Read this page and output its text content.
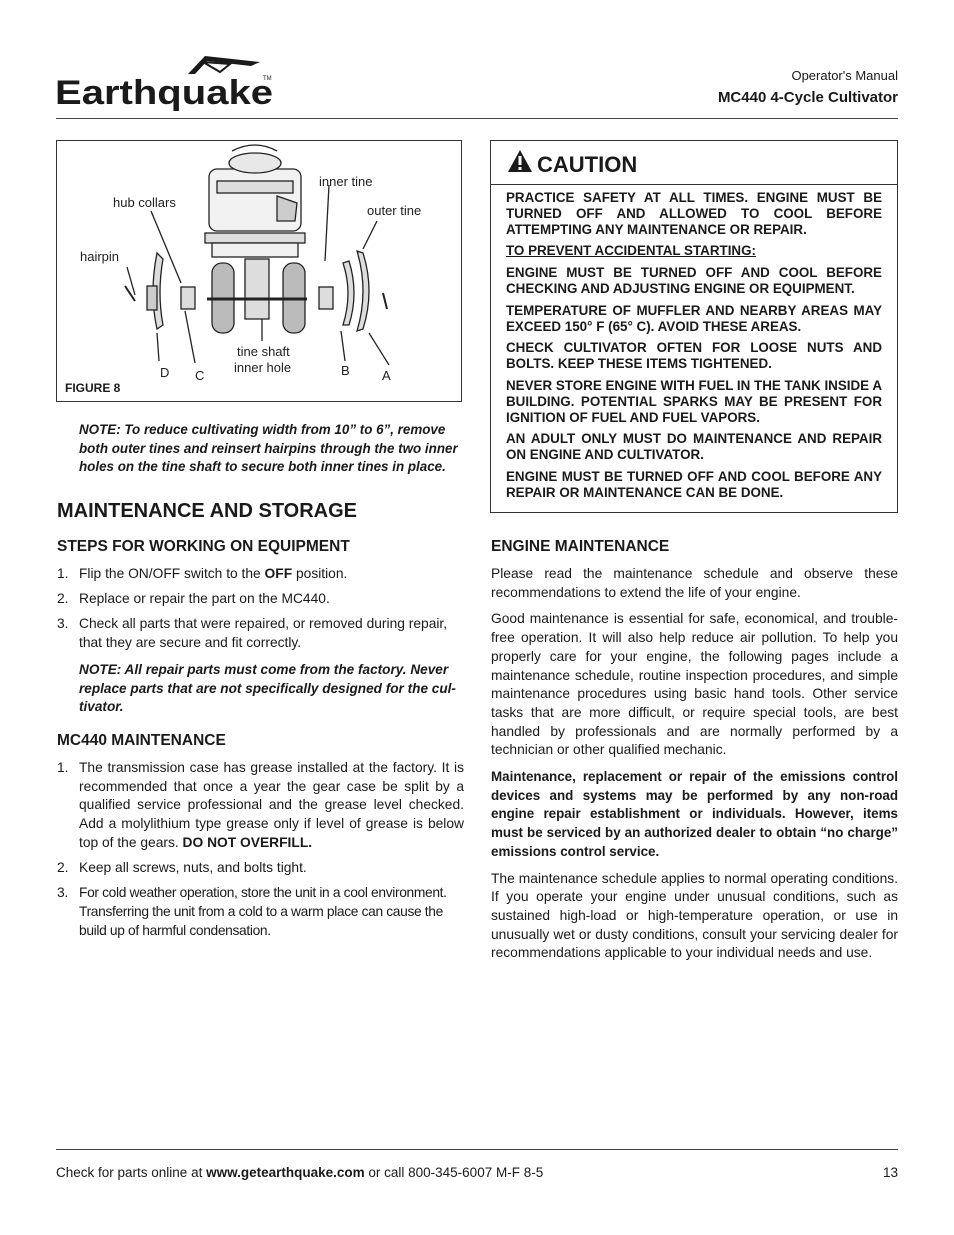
Earthquake
TM	Operator's Manual
MC440 4-Cycle Cultivator
inner tine
hub collars
outer tine
hairpin
tine shaft
inner hole
D C	B A
FIGURE 8
NOTE: To reduce cultivating width from 10” to 6”, remove both outer tines and reinsert hairpins through the two inner holes on the tine shaft to secure both inner tines in place.
MAINTENANCE AND STORAGE
STEPS FOR WORKING ON EQUIPMENT
1. Flip the ON/OFF switch to the OFF position.
2. Replace or repair the part on the MC440.
3. Check all parts that were repaired, or removed during repair, that they are secure and fit correctly.
NOTE: All repair parts must come from the factory. Never replace parts that are not specifically designed for the cul-tivator.
MC440 MAINTENANCE
1. The transmission case has grease installed at the factory. It is recommended that once a year the gear case be split by a qualified service professional and the grease level checked. Add a molylithium type grease only if level of grease is below top of the gears. DO NOT OVERFILL.
2. Keep all screws, nuts, and bolts tight.
3. For cold weather operation, store the unit in a cool environment. Transferring the unit from a cold to a warm place can cause the build up of harmful condensation.
CAUTION

PRACTICE SAFETY AT ALL TIMES. ENGINE MUST BE TURNED OFF AND ALLOWED TO COOL BEFORE ATTEMPTING ANY MAINTENANCE OR REPAIR.

TO PREVENT ACCIDENTAL STARTING:

ENGINE MUST BE TURNED OFF AND COOL BEFORE CHECKING AND ADJUSTING ENGINE OR EQUIPMENT.

TEMPERATURE OF MUFFLER AND NEARBY AREAS MAY EXCEED 150° F (65° C). AVOID THESE AREAS.

CHECK CULTIVATOR OFTEN FOR LOOSE NUTS AND BOLTS. KEEP THESE ITEMS TIGHTENED.

NEVER STORE ENGINE WITH FUEL IN THE TANK INSIDE A BUILDING. POTENTIAL SPARKS MAY BE PRESENT FOR IGNITION OF FUEL AND FUEL VAPORS.

AN ADULT ONLY MUST DO MAINTENANCE AND REPAIR ON ENGINE AND CULTIVATOR.

ENGINE MUST BE TURNED OFF AND COOL BEFORE ANY REPAIR OR MAINTENANCE CAN BE DONE.

ENGINE MAINTENANCE

Please read the maintenance schedule and observe these recommendations to extend the life of your engine.

Good maintenance is essential for safe, economical, and trouble-free operation. It will also help reduce air pollution. To help you properly care for your engine, the following pages include a maintenance schedule, routine inspection procedures, and simple maintenance procedures using basic hand tools. Other service tasks that are more difficult, or require special tools, are best handled by professionals and are normally performed by a technician or other qualified mechanic.

Maintenance, replacement or repair of the emissions control devices and systems may be performed by any non-road engine repair establishment or individuals. However, items must be serviced by an authorized dealer to obtain “no charge” emissions control service.

The maintenance schedule applies to normal operating conditions. If you operate your engine under unusual conditions, such as sustained high-load or high-temperature operation, or use in unusually wet or dusty conditions, consult your servicing dealer for recommendations applicable to your individual needs and use.

Check for parts online at www.getearthquake.com or call 800-345-6007 M-F 8-5	13
